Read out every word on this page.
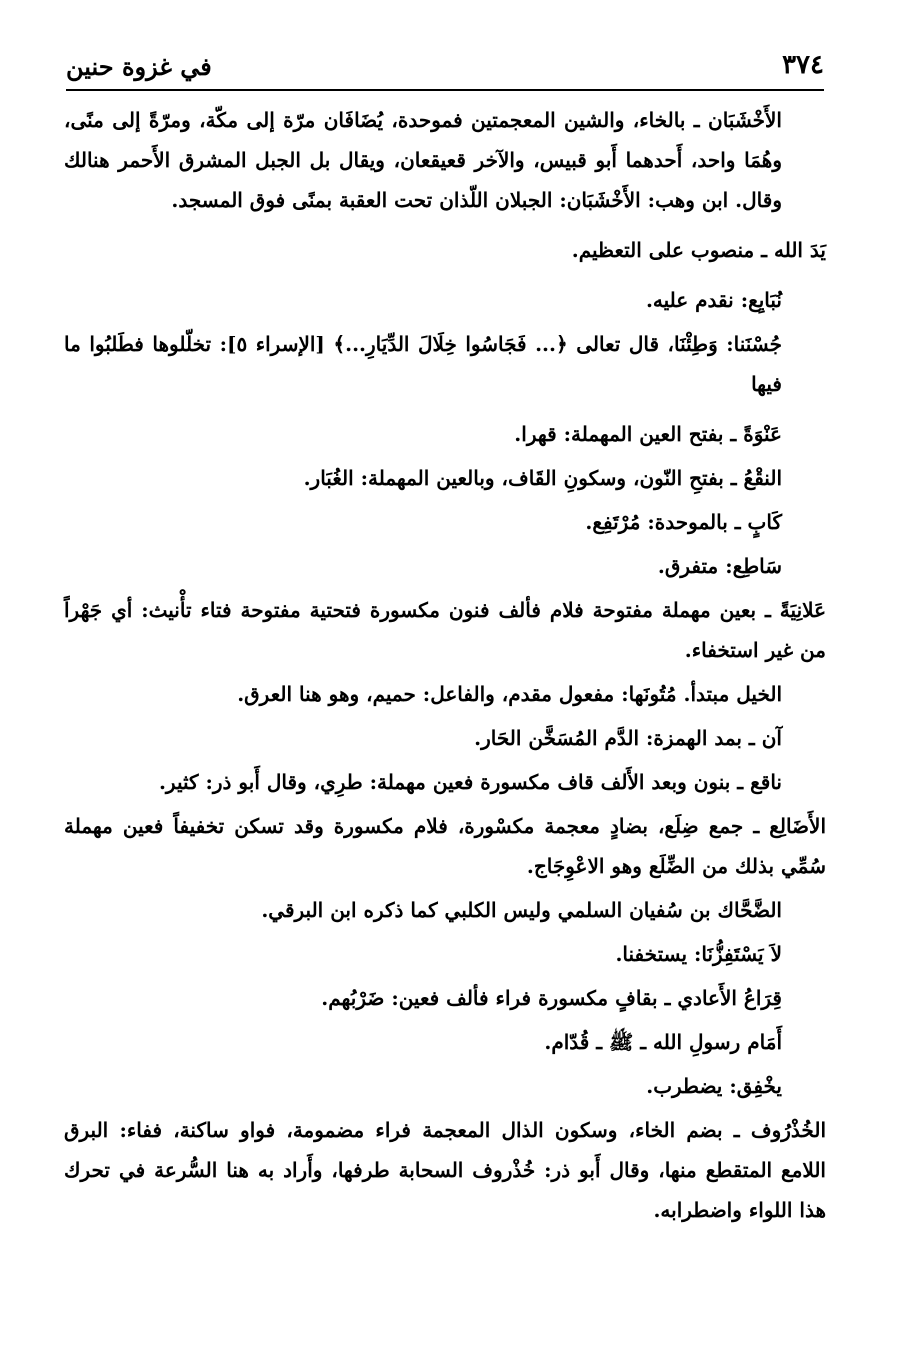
٣٧٤
في غزوة حنين

الأَخْشَبَان ـ بالخاء، والشين المعجمتين فموحدة، يُضَافَان مرّة إلى مكّة، ومرّةً إلى منًى، وهُمَا واحد، أَحدهما أَبو قبيس، والآخر قعيقعان، ويقال بل الجبل المشرق الأَحمر هنالك وقال. ابن وهب: الأَخْشَبَان: الجبلان اللّذان تحت العقبة بمنًى فوق المسجد.

يَدَ الله ـ منصوب على التعظيم.

نُبَايِع: نقدم عليه.

جُسْنَنا: وَطِئْنَا، قال تعالى ﴿... فَجَاسُوا خِلَالَ الدِّيَارِ...﴾ [الإسراء ٥]: تخلّلوها فطَلبُوا ما فيها

عَنْوَةً ـ بفتح العين المهملة: قهرا.

النقْعُ ـ بفتحِ النّون، وسكونِ القَاف، وبالعين المهملة: الغُبَار.

كَابٍ ـ بالموحدة: مُرْتَفِع.

سَاطِع: متفرق.

عَلانِيَةً ـ بعين مهملة مفتوحة فلام فألف فنون مكسورة فتحتية مفتوحة فتاء تأْنيث: أي جَهْراً من غير استخفاء.

الخيل مبتدأ. مُتُونَها: مفعول مقدم، والفاعل: حميم، وهو هنا العرق.

آن ـ بمد الهمزة: الدَّم المُسَخَّن الحَار.

ناقع ـ بنون وبعد الأَلف قاف مكسورة فعين مهملة: طرِي، وقال أَبو ذر: كثير.

الأَضَالِع ـ جمع ضِلَع، بضادٍ معجمة مكسْورة، فلام مكسورة وقد تسكن تخفيفاً فعين مهملة سُمِّي بذلك من الضِّلَع وهو الاعْوِجَاج.

الضَّحَّاك بن سُفيان السلمي وليس الكلبي كما ذكره ابن البرقي.

لاَ يَسْتَفِزُّنَا: يستخفنا.

قِرَاعُ الأَعادي ـ بقافٍ مكسورة فراء فألف فعين: ضَرْبُهم.

أَمَام رسولِ الله ـ ﷺ ـ قُدّام.

يخْفِق: يضطرب.

الخُذْرُوف ـ بضم الخاء، وسكون الذال المعجمة فراء مضمومة، فواو ساكنة، ففاء: البرق اللامع المتقطع منها، وقال أَبو ذر: خُذْروف السحابة طرفها، وأَراد به هنا السُّرعة في تحرك هذا اللواء واضطرابه.
